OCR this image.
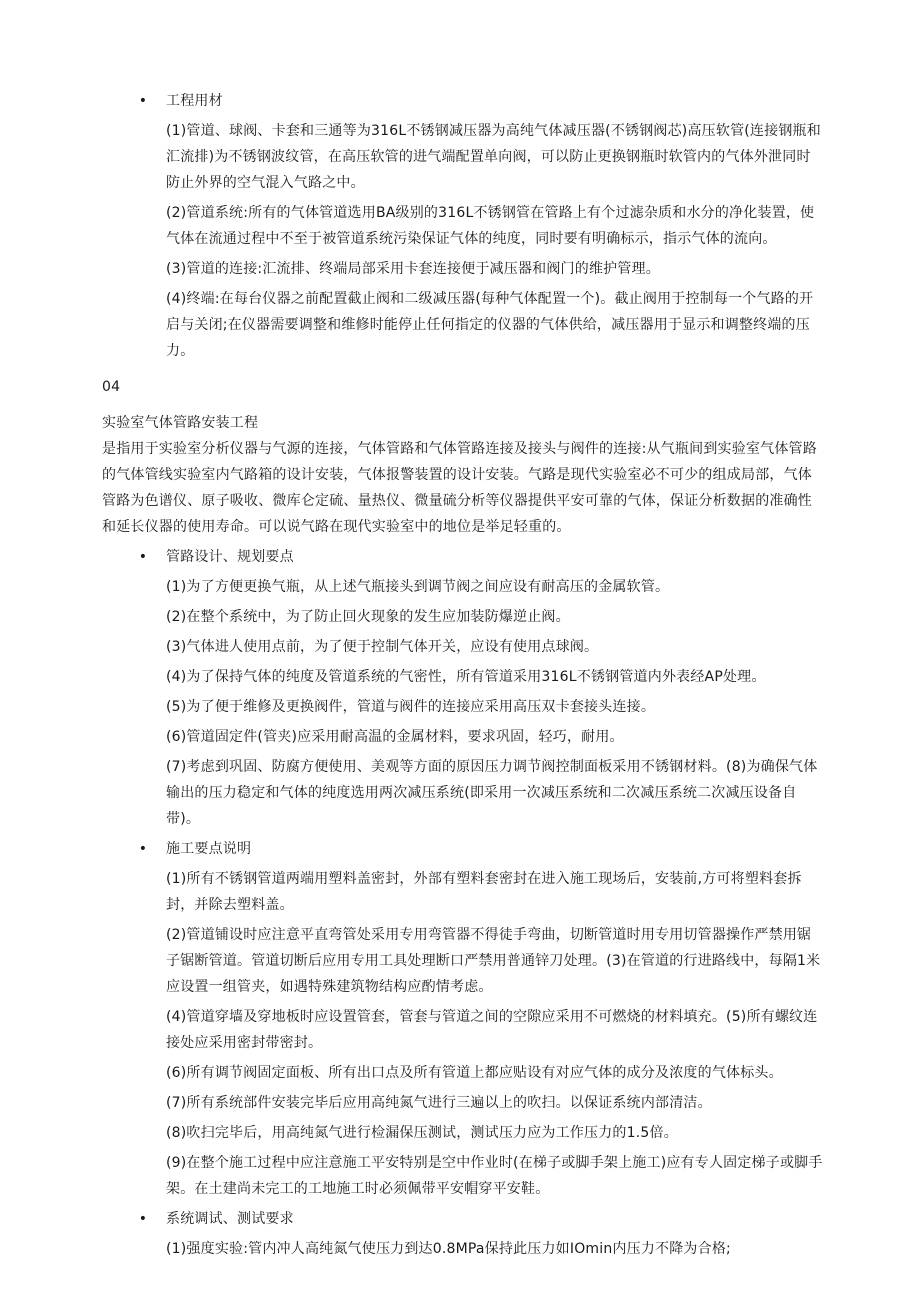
• 工程用材

(1)管道、球阀、卡套和三通等为316L不锈钢减压器为高纯气体减压器(不锈钢阀芯)高压软管(连接钢瓶和汇流排)为不锈钢波纹管，在高压软管的进气端配置单向阀，可以防止更换钢瓶时软管内的气体外泄同时防止外界的空气混入气路之中。

(2)管道系统:所有的气体管道选用BA级别的316L不锈钢管在管路上有个过滤杂质和水分的净化装置，使气体在流通过程中不至于被管道系统污染保证气体的纯度，同时要有明确标示，指示气体的流向。

(3)管道的连接:汇流排、终端局部采用卡套连接便于减压器和阀门的维护管理。

(4)终端:在每台仪器之前配置截止阀和二级减压器(每种气体配置一个)。截止阀用于控制每一个气路的开启与关闭;在仪器需要调整和维修时能停止任何指定的仪器的气体供给，减压器用于显示和调整终端的压力。

04

实验室气体管路安装工程

是指用于实验室分析仪器与气源的连接，气体管路和气体管路连接及接头与阀件的连接:从气瓶间到实验室气体管路的气体管线实验室内气路箱的设计安装，气体报警装置的设计安装。气路是现代实验室必不可少的组成局部，气体管路为色谱仪、原子吸收、微库仑定硫、量热仪、微量硫分析等仪器提供平安可靠的气体，保证分析数据的准确性和延长仪器的使用寿命。可以说气路在现代实验室中的地位是举足轻重的。

• 管路设计、规划要点

(1)为了方便更换气瓶，从上述气瓶接头到调节阀之间应设有耐高压的金属软管。

(2)在整个系统中，为了防止回火现象的发生应加装防爆逆止阀。

(3)气体进人使用点前，为了便于控制气体开关，应设有使用点球阀。

(4)为了保持气体的纯度及管道系统的气密性，所有管道采用316L不锈钢管道内外表经AP处理。

(5)为了便于维修及更换阀件，管道与阀件的连接应采用高压双卡套接头连接。

(6)管道固定件(管夹)应采用耐高温的金属材料，要求巩固，轻巧，耐用。

(7)考虑到巩固、防腐方便使用、美观等方面的原因压力调节阀控制面板采用不锈钢材料。(8)为确保气体输出的压力稳定和气体的纯度选用两次减压系统(即采用一次减压系统和二次减压系统二次减压设备自带)。

• 施工要点说明

(1)所有不锈钢管道两端用塑料盖密封，外部有塑料套密封在进入施工现场后，安装前,方可将塑料套拆封，并除去塑料盖。

(2)管道铺设时应注意平直弯管处采用专用弯管器不得徒手弯曲，切断管道时用专用切管器操作严禁用锯子锯断管道。管道切断后应用专用工具处理断口严禁用普通锌刀处理。(3)在管道的行进路线中，每隔1米应设置一组管夹，如遇特殊建筑物结构应酌情考虑。

(4)管道穿墙及穿地板时应设置管套，管套与管道之间的空隙应采用不可燃烧的材料填充。(5)所有螺纹连接处应采用密封带密封。

(6)所有调节阀固定面板、所有出口点及所有管道上都应贴设有对应气体的成分及浓度的气体标头。

(7)所有系统部件安装完毕后应用高纯氮气进行三遍以上的吹扫。以保证系统内部清洁。

(8)吹扫完毕后，用高纯氮气进行检漏保压测试，测试压力应为工作压力的1.5倍。

(9)在整个施工过程中应注意施工平安特别是空中作业时(在梯子或脚手架上施工)应有专人固定梯子或脚手架。在土建尚未完工的工地施工时必须佩带平安帽穿平安鞋。

• 系统调试、测试要求

(1)强度实验:管内冲人高纯氮气使压力到达0.8MPa保持此压力如IOmin内压力不降为合格;
